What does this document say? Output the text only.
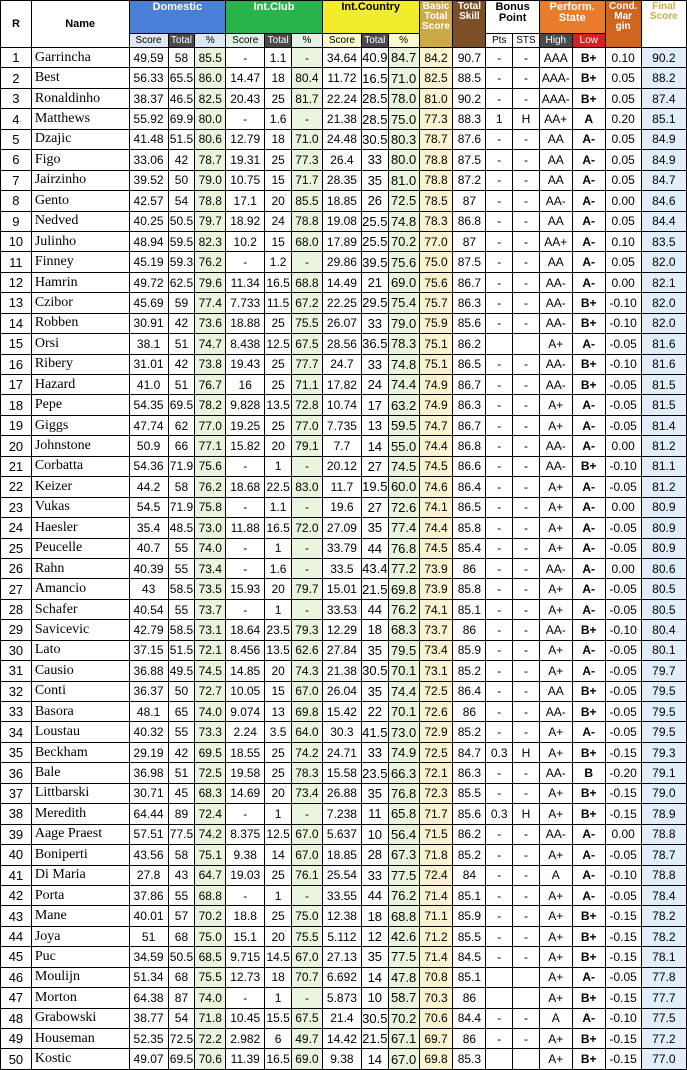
R	Name	Domestic			Int.Club			Int.Country			Basic Total Score	Total Skill	Bonus Point		Perform. State		Cond. Mar gin	Final Score
		Score	Total	%	Score	Total	%	Score	Total	%			Pts	STS	High	Low		
1	Garrincha	49.59	58	85.5	-	1.1	-	34.64	40.9	84.7	84.2	90.7	-	-	AAA	B+	0.10	90.2
2	Best	56.33	65.5	86.0	14.47	18	80.4	11.72	16.5	71.0	82.5	88.5	-	-	AAA-	B+	0.05	88.2
3	Ronaldinho	38.37	46.5	82.5	20.43	25	81.7	22.24	28.5	78.0	81.0	90.2	-	-	AAA-	B+	0.05	87.4
4	Matthews	55.92	69.9	80.0	-	1.6	-	21.38	28.5	75.0	77.3	88.3	1	H	AA+	A	0.20	85.1
5	Dzajic	41.48	51.5	80.6	12.79	18	71.0	24.48	30.5	80.3	78.7	87.6	-	-	AA	A-	0.05	84.9
6	Figo	33.06	42	78.7	19.31	25	77.3	26.4	33	80.0	78.8	87.5	-	-	AA	A-	0.05	84.9
7	Jairzinho	39.52	50	79.0	10.75	15	71.7	28.35	35	81.0	78.8	87.2	-	-	AA	A-	0.05	84.7
8	Gento	42.57	54	78.8	17.1	20	85.5	18.85	26	72.5	78.5	87	-	-	AA-	A-	0.00	84.6
9	Nedved	40.25	50.5	79.7	18.92	24	78.8	19.08	25.5	74.8	78.3	86.8	-	-	AA	A-	0.05	84.4
10	Julinho	48.94	59.5	82.3	10.2	15	68.0	17.89	25.5	70.2	77.0	87	-	-	AA+	A-	0.10	83.5
11	Finney	45.19	59.3	76.2	-	1.2	-	29.86	39.5	75.6	75.0	87.5	-	-	AA	A-	0.05	82.0
12	Hamrin	49.72	62.5	79.6	11.34	16.5	68.8	14.49	21	69.0	75.6	86.7	-	-	AA-	A-	0.00	82.1
13	Czibor	45.69	59	77.4	7.733	11.5	67.2	22.25	29.5	75.4	75.7	86.3	-	-	AA-	B+	-0.10	82.0
14	Robben	30.91	42	73.6	18.88	25	75.5	26.07	33	79.0	75.9	85.6	-	-	AA-	B+	-0.10	82.0
15	Orsi	38.1	51	74.7	8.438	12.5	67.5	28.56	36.5	78.3	75.1	86.2			A+	A-	-0.05	81.6
16	Ribery	31.01	42	73.8	19.43	25	77.7	24.7	33	74.8	75.1	86.5	-	-	AA-	B+	-0.10	81.6
17	Hazard	41.0	51	76.7	16	25	71.1	17.82	24	74.4	74.9	86.7	-	-	AA-	B+	-0.05	81.5
18	Pepe	54.35	69.5	78.2	9.828	13.5	72.8	10.74	17	63.2	74.9	86.3	-	-	A+	A-	-0.05	81.5
19	Giggs	47.74	62	77.0	19.25	25	77.0	7.735	13	59.5	74.7	86.7	-	-	A+	A-	-0.05	81.4
20	Johnstone	50.9	66	77.1	15.82	20	79.1	7.7	14	55.0	74.4	86.8	-	-	AA-	A-	0.00	81.2
21	Corbatta	54.36	71.9	75.6	-	1	-	20.12	27	74.5	74.5	86.6	-	-	AA-	B+	-0.10	81.1
22	Keizer	44.2	58	76.2	18.68	22.5	83.0	11.7	19.5	60.0	74.6	86.4	-	-	A+	A-	-0.05	81.2
23	Vukas	54.5	71.9	75.8	-	1.1	-	19.6	27	72.6	74.1	86.5	-	-	A+	A-	0.00	80.9
24	Haesler	35.4	48.5	73.0	11.88	16.5	72.0	27.09	35	77.4	74.4	85.8	-	-	A+	A-	-0.05	80.9
25	Peucelle	40.7	55	74.0	-	1	-	33.79	44	76.8	74.5	85.4	-	-	A+	A-	-0.05	80.9
26	Rahn	40.39	55	73.4	-	1.6	-	33.5	43.4	77.2	73.9	86	-	-	AA-	A-	0.00	80.6
27	Amancio	43	58.5	73.5	15.93	20	79.7	15.01	21.5	69.8	73.9	85.8	-	-	A+	A-	-0.05	80.5
28	Schafer	40.54	55	73.7	-	1	-	33.53	44	76.2	74.1	85.1	-	-	A+	A-	-0.05	80.5
29	Savicevic	42.79	58.5	73.1	18.64	23.5	79.3	12.29	18	68.3	73.7	86	-	-	AA-	B+	-0.10	80.4
30	Lato	37.15	51.5	72.1	8.456	13.5	62.6	27.84	35	79.5	73.4	85.9	-	-	A+	A-	-0.05	80.1
31	Causio	36.88	49.5	74.5	14.85	20	74.3	21.38	30.5	70.1	73.1	85.2	-	-	A+	A-	-0.05	79.7
32	Conti	36.37	50	72.7	10.05	15	67.0	26.04	35	74.4	72.5	86.4	-	-	AA	B+	-0.05	79.5
33	Basora	48.1	65	74.0	9.074	13	69.8	15.42	22	70.1	72.6	86	-	-	AA-	B+	-0.05	79.5
34	Loustau	40.32	55	73.3	2.24	3.5	64.0	30.3	41.5	73.0	72.9	85.2	-	-	A+	A-	-0.05	79.5
35	Beckham	29.19	42	69.5	18.55	25	74.2	24.71	33	74.9	72.5	84.7	0.3	H	A+	B+	-0.15	79.3
36	Bale	36.98	51	72.5	19.58	25	78.3	15.58	23.5	66.3	72.1	86.3	-	-	AA-	B	-0.20	79.1
37	Littbarski	30.71	45	68.3	14.69	20	73.4	26.88	35	76.8	72.3	85.5	-	-	A+	B+	-0.15	79.0
38	Meredith	64.44	89	72.4	-	1	-	7.238	11	65.8	71.7	85.6	0.3	H	A+	B+	-0.15	78.9
39	Aage Praest	57.51	77.5	74.2	8.375	12.5	67.0	5.637	10	56.4	71.5	86.2	-	-	AA-	A-	0.00	78.8
40	Boniperti	43.56	58	75.1	9.38	14	67.0	18.85	28	67.3	71.8	85.2	-	-	A+	A-	-0.05	78.7
41	Di Maria	27.8	43	64.7	19.03	25	76.1	25.54	33	77.5	72.4	84	-	-	A	A-	-0.10	78.8
42	Porta	37.86	55	68.8	-	1	-	33.55	44	76.2	71.4	85.1	-	-	A+	A-	-0.05	78.4
43	Mane	40.01	57	70.2	18.8	25	75.0	12.38	18	68.8	71.1	85.9	-	-	A+	B+	-0.15	78.2
44	Joya	51	68	75.0	15.1	20	75.5	5.112	12	42.6	71.2	85.5	-	-	A+	B+	-0.15	78.2
45	Puc	34.59	50.5	68.5	9.715	14.5	67.0	27.13	35	77.5	71.4	84.5	-	-	A+	B+	-0.15	78.1
46	Moulijn	51.34	68	75.5	12.73	18	70.7	6.692	14	47.8	70.8	85.1			A+	A-	-0.05	77.8
47	Morton	64.38	87	74.0	-	1	-	5.873	10	58.7	70.3	86			A+	B+	-0.15	77.7
48	Grabowski	38.77	54	71.8	10.45	15.5	67.5	21.4	30.5	70.2	70.6	84.4	-	-	A	A-	-0.10	77.5
49	Houseman	52.35	72.5	72.2	2.982	6	49.7	14.42	21.5	67.1	69.7	86	-	-	A+	B+	-0.15	77.2
50	Kostic	49.07	69.5	70.6	11.39	16.5	69.0	9.38	14	67.0	69.8	85.3			A+	B+	-0.15	77.0
